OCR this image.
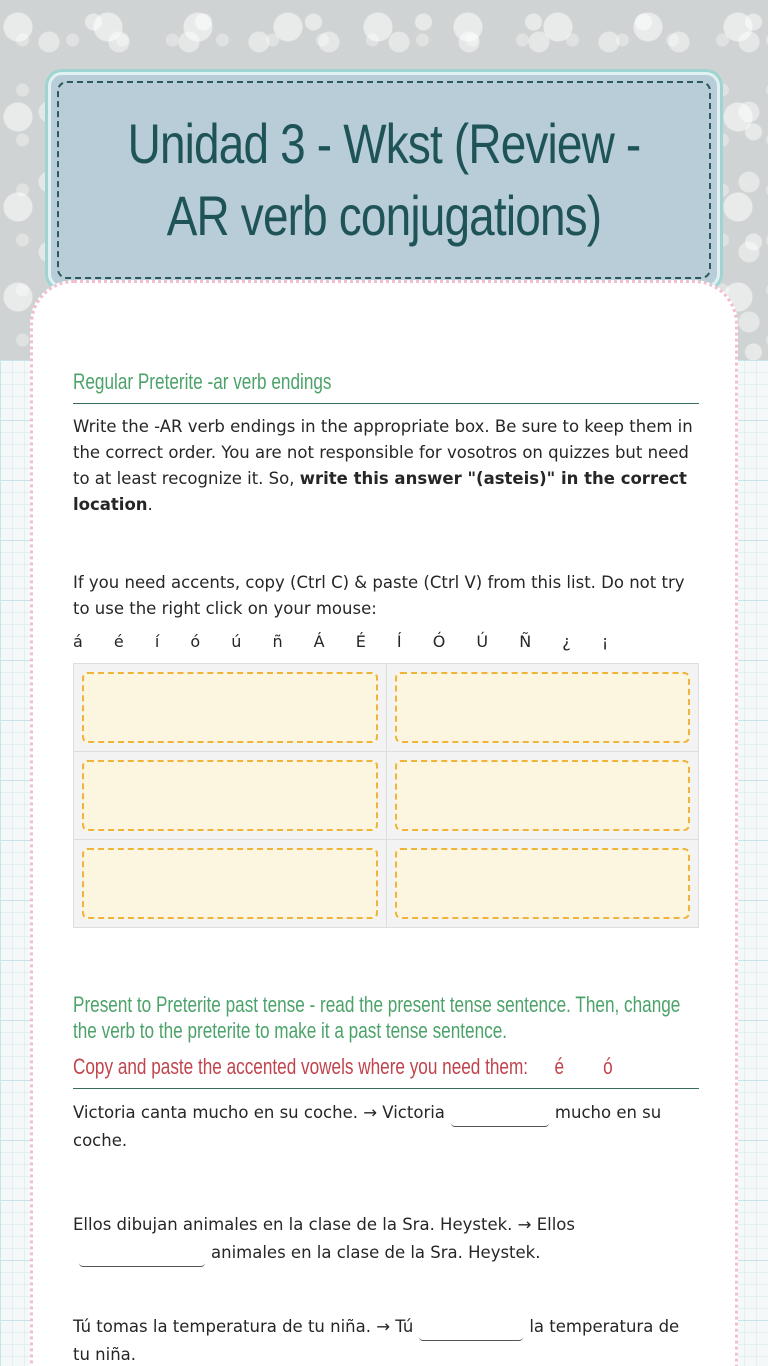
Unidad 3 - Wkst (Review -AR verb conjugations)
Regular Preterite -ar verb endings

Write the -AR verb endings in the appropriate box. Be sure to keep them in the correct order. You are not responsible for vosotros on quizzes but need to at least recognize it. So, write this answer "(asteis)" in the correct location.

If you need accents, copy (Ctrl C) & paste (Ctrl V) from this list. Do not try to use the right click on your mouse:

á é í ó ú ñ Á É Í Ó Ú Ñ ¿ ¡

Present to Preterite past tense - read the present tense sentence. Then, change the verb to the preterite to make it a past tense sentence.
Copy and paste the accented vowels where you need them: é ó

Victoria canta mucho en su coche. → Victoria	mucho en su coche.

Ellos dibujan animales en la clase de la Sra. Heystek. → Ellos
animales en la clase de la Sra. Heystek.

Tú tomas la temperatura de tu niña. → Tú	la temperatura de tu niña.
